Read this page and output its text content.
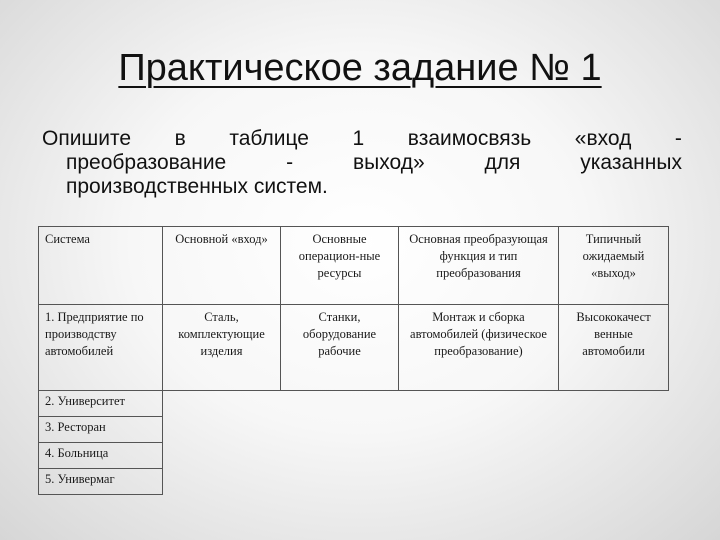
Практическое задание № 1
Опишите в таблице 1 взаимосвязь «вход -
преобразование	-	выход»	для	указанных
производственных систем.
Система	Основной «вход»	Основные операцион-ные ресурсы	Основная преобразующая функция и тип преобразования	Типичный ожидаемый «выход»
1. Предприятие по производству автомобилей	Сталь, комплектующие изделия	Станки, оборудование рабочие	Монтаж и сборка автомобилей (физическое преобразование)	Высококачест венные автомобили
2. Университет				
3. Ресторан				
4. Больница				
5. Универмаг				
